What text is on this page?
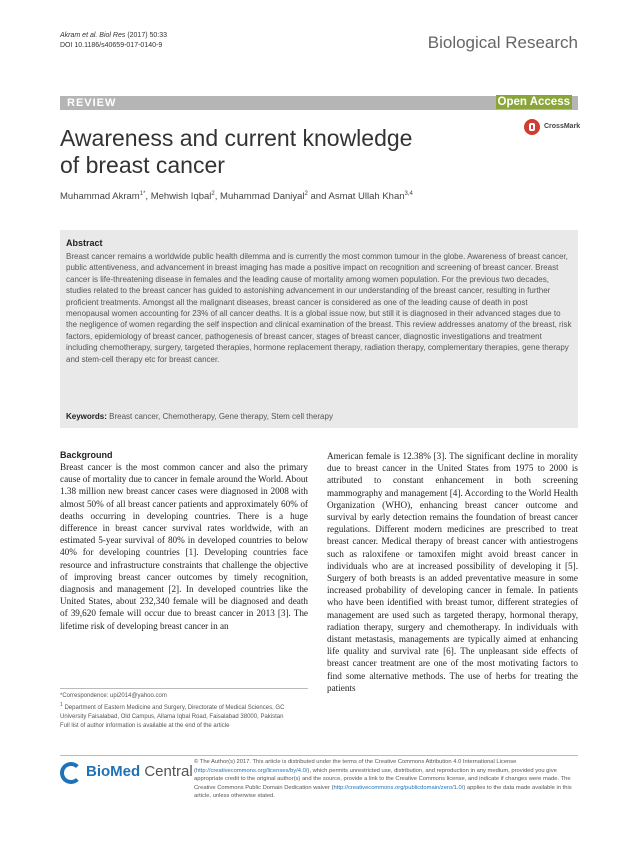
Akram et al. Biol Res (2017) 50:33
DOI 10.1186/s40659-017-0140-9	Biological Research
REVIEW	Open Access
Awareness and current knowledge
of breast cancer
CrossMark
Muhammad Akram$^{1*}$, Mehwish Iqbal$^2$, Muhammad Daniyal$^2$ and Asmat Ullah Khan$^{3,4}$
Abstract
Breast cancer remains a worldwide public health dilemma and is currently the most common tumour in the globe. Awareness of breast cancer, public attentiveness, and advancement in breast imaging has made a positive impact on recognition and screening of breast cancer. Breast cancer is life-threatening disease in females and the leading cause of mortality among women population. For the previous two decades, studies related to the breast cancer has guided to astonishing advancement in our understanding of the breast cancer, resulting in further proficient treatments. Amongst all the malignant diseases, breast cancer is considered as one of the leading cause of death in post menopausal women accounting for 23% of all cancer deaths. It is a global issue now, but still it is diagnosed in their advanced stages due to the negligence of women regarding the self inspection and clinical examination of the breast. This review addresses anatomy of the breast, risk factors, epidemiology of breast cancer, pathogenesis of breast cancer, stages of breast cancer, diagnostic investigations and treatment including chemotherapy, surgery, targeted therapies, hormone replacement therapy, radiation therapy, complementary therapies, gene therapy and stem-cell therapy etc for breast cancer.
Keywords: Breast cancer, Chemotherapy, Gene therapy, Stem cell therapy
Background
Breast cancer is the most common cancer and also the primary cause of mortality due to cancer in female around the World. About 1.38 million new breast cancer cases were diagnosed in 2008 with almost 50% of all breast cancer patients and approximately 60% of deaths occurring in developing countries. There is a huge difference in breast cancer survival rates worldwide, with an estimated 5-year survival of 80% in developed countries to below 40% for developing countries [1]. Developing countries face resource and infrastructure constraints that challenge the objective of improving breast cancer outcomes by timely recognition, diagnosis and management [2]. In developed countries like the United States, about 232,340 female will be diagnosed and death of 39,620 female will occur due to breast cancer in 2013 [3]. The lifetime risk of developing breast cancer in an
American female is 12.38% [3]. The significant decline in morality due to breast cancer in the United States from 1975 to 2000 is attributed to constant enhancement in both screening mammography and management [4]. According to the World Health Organization (WHO), enhancing breast cancer outcome and survival by early detection remains the foundation of breast cancer regulations. Different modern medicines are prescribed to treat breast cancer. Medical therapy of breast cancer with antiestrogens such as raloxifene or tamoxifen might avoid breast cancer in individuals who are at increased possibility of developing it [5]. Surgery of both breasts is an added preventative measure in some increased probability of developing cancer in female. In patients who have been identified with breast tumor, different strategies of management are used such as targeted therapy, hormonal therapy, radiation therapy, surgery and chemotherapy. In individuals with distant metastasis, managements are typically aimed at enhancing life quality and survival rate [6]. The unpleasant side effects of breast cancer treatment are one of the most motivating factors to find some alternative methods. The use of herbs for treating the patients
*Correspondence: upi2014@yahoo.com
$^1$ Department of Eastern Medicine and Surgery, Directorate of Medical Sciences, GC University Faisalabad, Old Campus, Allama Iqbal Road, Faisalabad 38000, Pakistan
Full list of author information is available at the end of the article
BioMed Central
© The Author(s) 2017. This article is distributed under the terms of the Creative Commons Attribution 4.0 International License (http://creativecommons.org/licenses/by/4.0/), which permits unrestricted use, distribution, and reproduction in any medium, provided you give appropriate credit to the original author(s) and the source, provide a link to the Creative Commons license, and indicate if changes were made. The Creative Commons Public Domain Dedication waiver (http://creativecommons.org/publicdomain/zero/1.0/) applies to the data made available in this article, unless otherwise stated.
